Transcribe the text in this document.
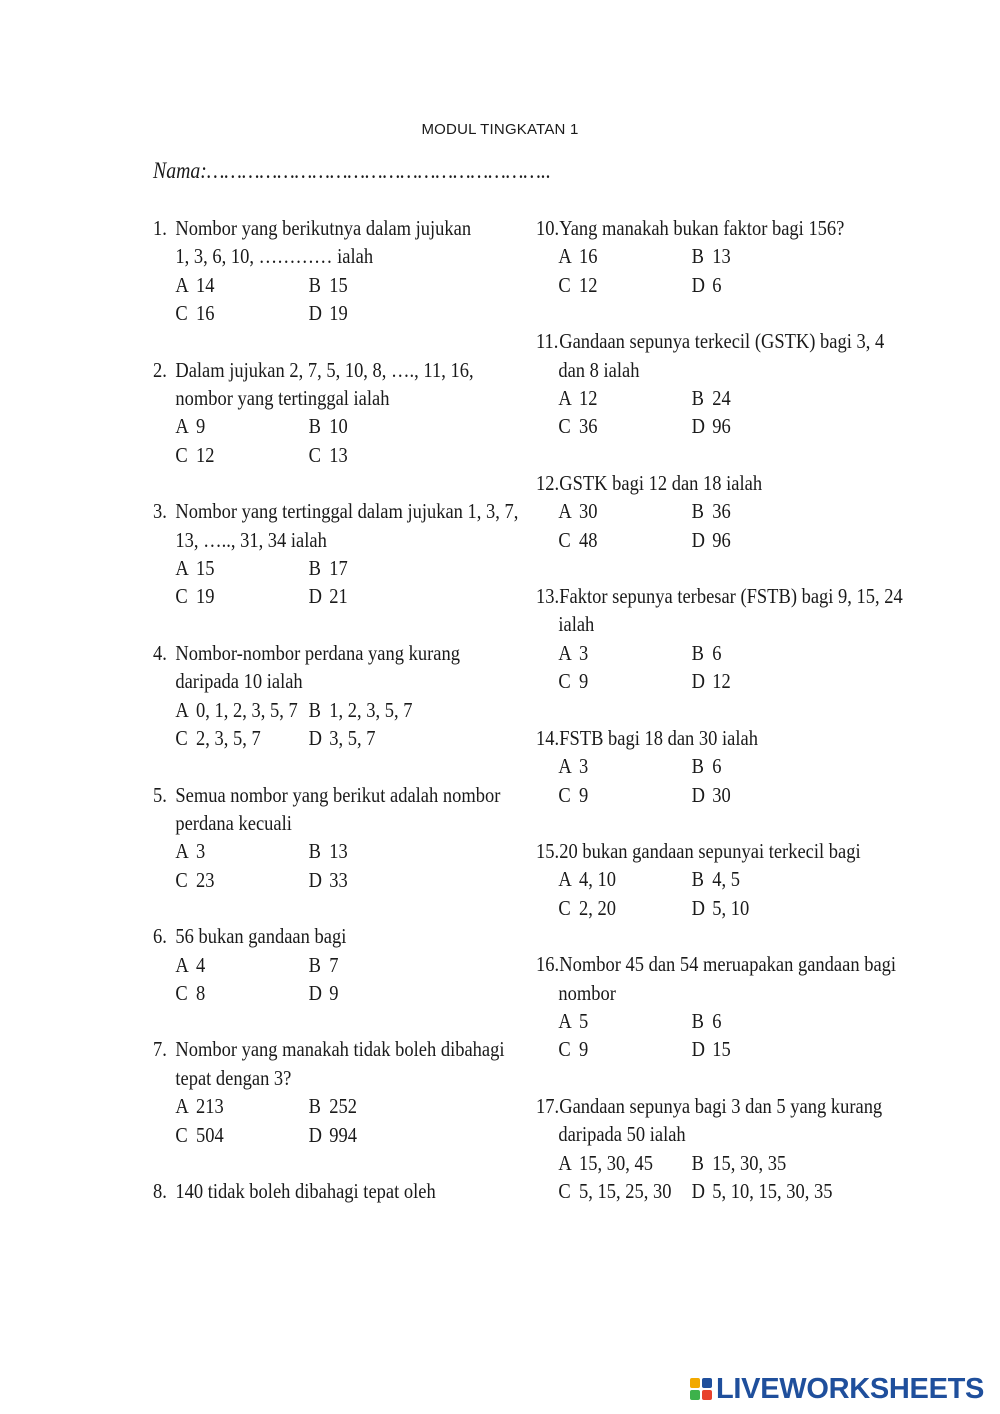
MODUL TINGKATAN 1
Nama:…………………………………………………..
1. Nombor yang berikutnya dalam jujukan
1, 3, 6, 10, ………… ialah
A 14	B 15
C 16	D 19
2. Dalam jujukan 2, 7, 5, 10, 8, …., 11, 16,
nombor yang tertinggal ialah
A 9	B 10
C 12	C 13
3. Nombor yang tertinggal dalam jujukan 1, 3, 7,
13, ….., 31, 34 ialah
A 15	B 17
C 19	D 21
4. Nombor-nombor perdana yang kurang
daripada 10 ialah
A 0, 1, 2, 3, 5, 7 B 1, 2, 3, 5, 7
C 2, 3, 5, 7	D 3, 5, 7
5. Semua nombor yang berikut adalah nombor
perdana kecuali
A 3	B 13
C 23	D 33
6. 56 bukan gandaan bagi
A 4	B 7
C 8	D 9
7. Nombor yang manakah tidak boleh dibahagi
tepat dengan 3?
A 213	B 252
C 504	D 994
8. 140 tidak boleh dibahagi tepat oleh
10.Yang manakah bukan faktor bagi 156?
A 16	B 13
C 12	D 6
11.Gandaan sepunya terkecil (GSTK) bagi 3, 4
dan 8 ialah
A 12	B 24
C 36	D 96
12.GSTK bagi 12 dan 18 ialah
A 30	B 36
C 48	D 96
13.Faktor sepunya terbesar (FSTB) bagi 9, 15, 24
ialah
A 3	B 6
C 9	D 12
14.FSTB bagi 18 dan 30 ialah
A 3	B 6
C 9	D 30
15.20 bukan gandaan sepunyai terkecil bagi
A 4, 10	B 4, 5
C 2, 20	D 5, 10
16.Nombor 45 dan 54 meruapakan gandaan bagi
nombor
A 5	B 6
C 9	D 15
17.Gandaan sepunya bagi 3 dan 5 yang kurang
daripada 50 ialah
A 15, 30, 45	B 15, 30, 35
C 5, 15, 25, 30 D 5, 10, 15, 30, 35
LIVEWORKSHEETS
